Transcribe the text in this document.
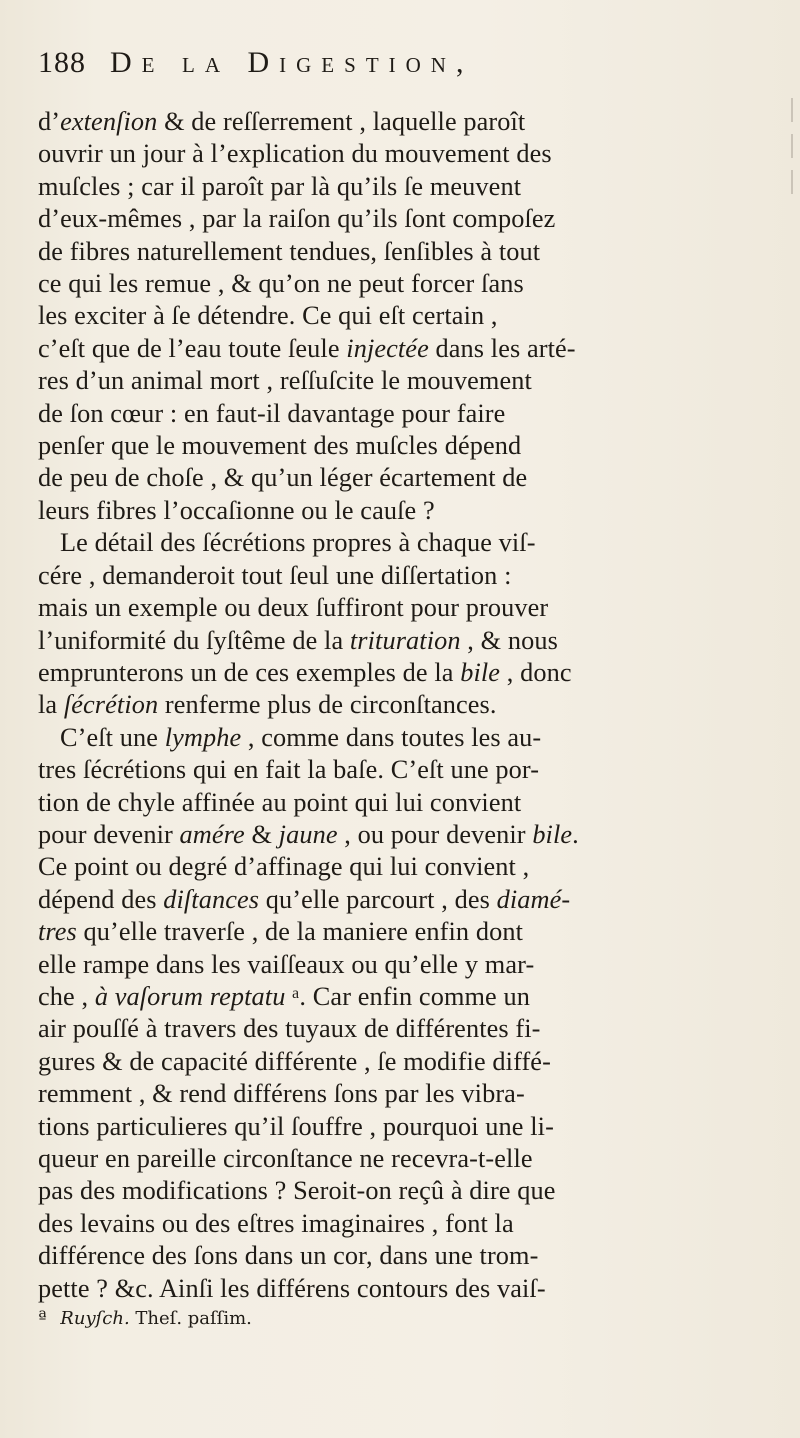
188 De la Digestion,
d’extenſion & de reſſerrement , laquelle paroît
ouvrir un jour à l’explication du mouvement des
muſcles ; car il paroît par là qu’ils ſe meuvent
d’eux-mêmes , par la raiſon qu’ils ſont compoſez
de fibres naturellement tendues, ſenſibles à tout
ce qui les remue , & qu’on ne peut forcer ſans
les exciter à ſe détendre. Ce qui eſt certain ,
c’eſt que de l’eau toute ſeule injectée dans les arté-
res d’un animal mort , reſſuſcite le mouvement
de ſon cœur : en faut-il davantage pour faire
penſer que le mouvement des muſcles dépend
de peu de choſe , & qu’un léger écartement de
leurs fibres l’occaſionne ou le cauſe ?
Le détail des ſécrétions propres à chaque viſ-
cére , demanderoit tout ſeul une diſſertation :
mais un exemple ou deux ſuffiront pour prouver
l’uniformité du ſyſtême de la trituration , & nous
emprunterons un de ces exemples de la bile , donc
la ſécrétion renferme plus de circonſtances.
C’eſt une lymphe , comme dans toutes les au-
tres ſécrétions qui en fait la baſe. C’eſt une por-
tion de chyle affinée au point qui lui convient
pour devenir amére & jaune , ou pour devenir bile.
Ce point ou degré d’affinage qui lui convient ,
dépend des diſtances qu’elle parcourt , des diamé-
tres qu’elle traverſe , de la maniere enfin dont
elle rampe dans les vaiſſeaux ou qu’elle y mar-
che , à vaſorum reptatu ᵃ. Car enfin comme un
air pouſſé à travers des tuyaux de différentes fi-
gures & de capacité différente , ſe modifie diffé-
remment , & rend différens ſons par les vibra-
tions particulieres qu’il ſouffre , pourquoi une li-
queur en pareille circonſtance ne recevra-t-elle
pas des modifications ? Seroit-on reçû à dire que
des levains ou des eſtres imaginaires , font la
différence des ſons dans un cor, dans une trom-
pette ? &c. Ainſi les différens contours des vaiſ-
ª Ruyſch. Theſ. paſſim.
